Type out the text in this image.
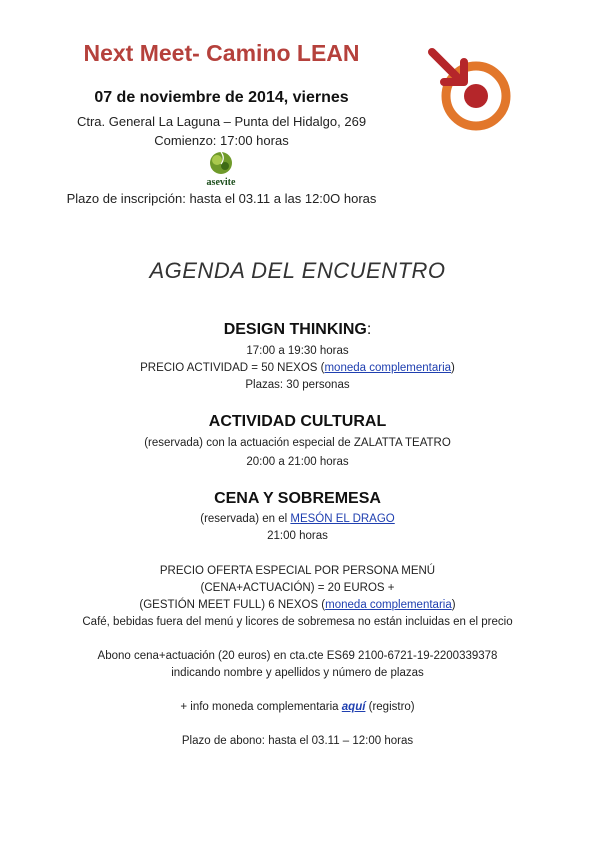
Next Meet- Camino LEAN
07 de noviembre de 2014, viernes
Ctra. General La Laguna – Punta del Hidalgo, 269
Comienzo: 17:00 horas
asevite
Plazo de inscripción: hasta el 03.11 a las 12:0O horas
AGENDA DEL ENCUENTRO
DESIGN THINKING:
17:00 a 19:30 horas
PRECIO ACTIVIDAD = 50 NEXOS (moneda complementaria)
Plazas: 30 personas
ACTIVIDAD CULTURAL
(reservada) con la actuación especial de ZALATTA TEATRO
20:00 a 21:00 horas
CENA Y SOBREMESA
(reservada) en el MESÓN EL DRAGO
21:00 horas
PRECIO OFERTA ESPECIAL POR PERSONA MENÚ
(CENA+ACTUACIÓN) = 20 EUROS +
(GESTIÓN MEET FULL) 6 NEXOS (moneda complementaria)
Café, bebidas fuera del menú y licores de sobremesa no están incluidas en el precio
Abono cena+actuación (20 euros) en cta.cte ES69 2100-6721-19-2200339378
indicando nombre y apellidos y número de plazas
+ info moneda complementaria aquí (registro)
Plazo de abono: hasta el 03.11 – 12:00 horas
